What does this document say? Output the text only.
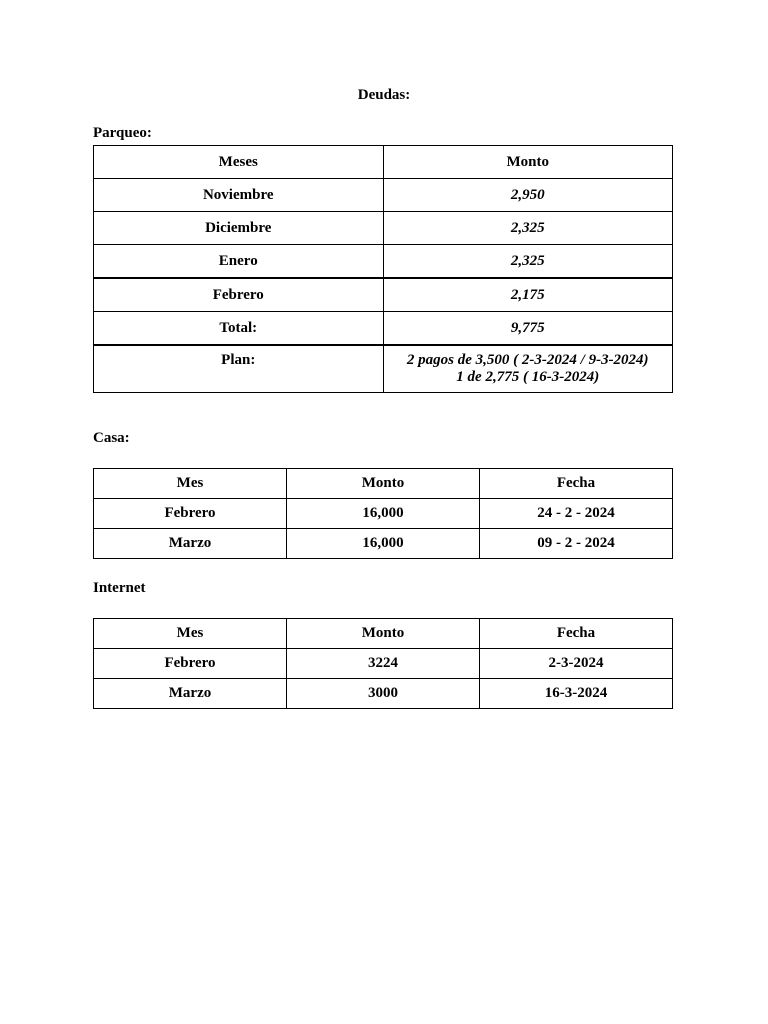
Deudas:
Parqueo:
Meses	Monto
Noviembre	2,950
Diciembre	2,325
Enero	2,325
Febrero	2,175
Total:	9,775
Plan:	2 pagos de 3,500 ( 2-3-2024 / 9-3-2024)
1 de 2,775 ( 16-3-2024)
Casa:
Mes	Monto	Fecha
Febrero	16,000	24 - 2 - 2024
Marzo	16,000	09 - 2 - 2024
Internet
Mes	Monto	Fecha
Febrero	3224	2-3-2024
Marzo	3000	16-3-2024
